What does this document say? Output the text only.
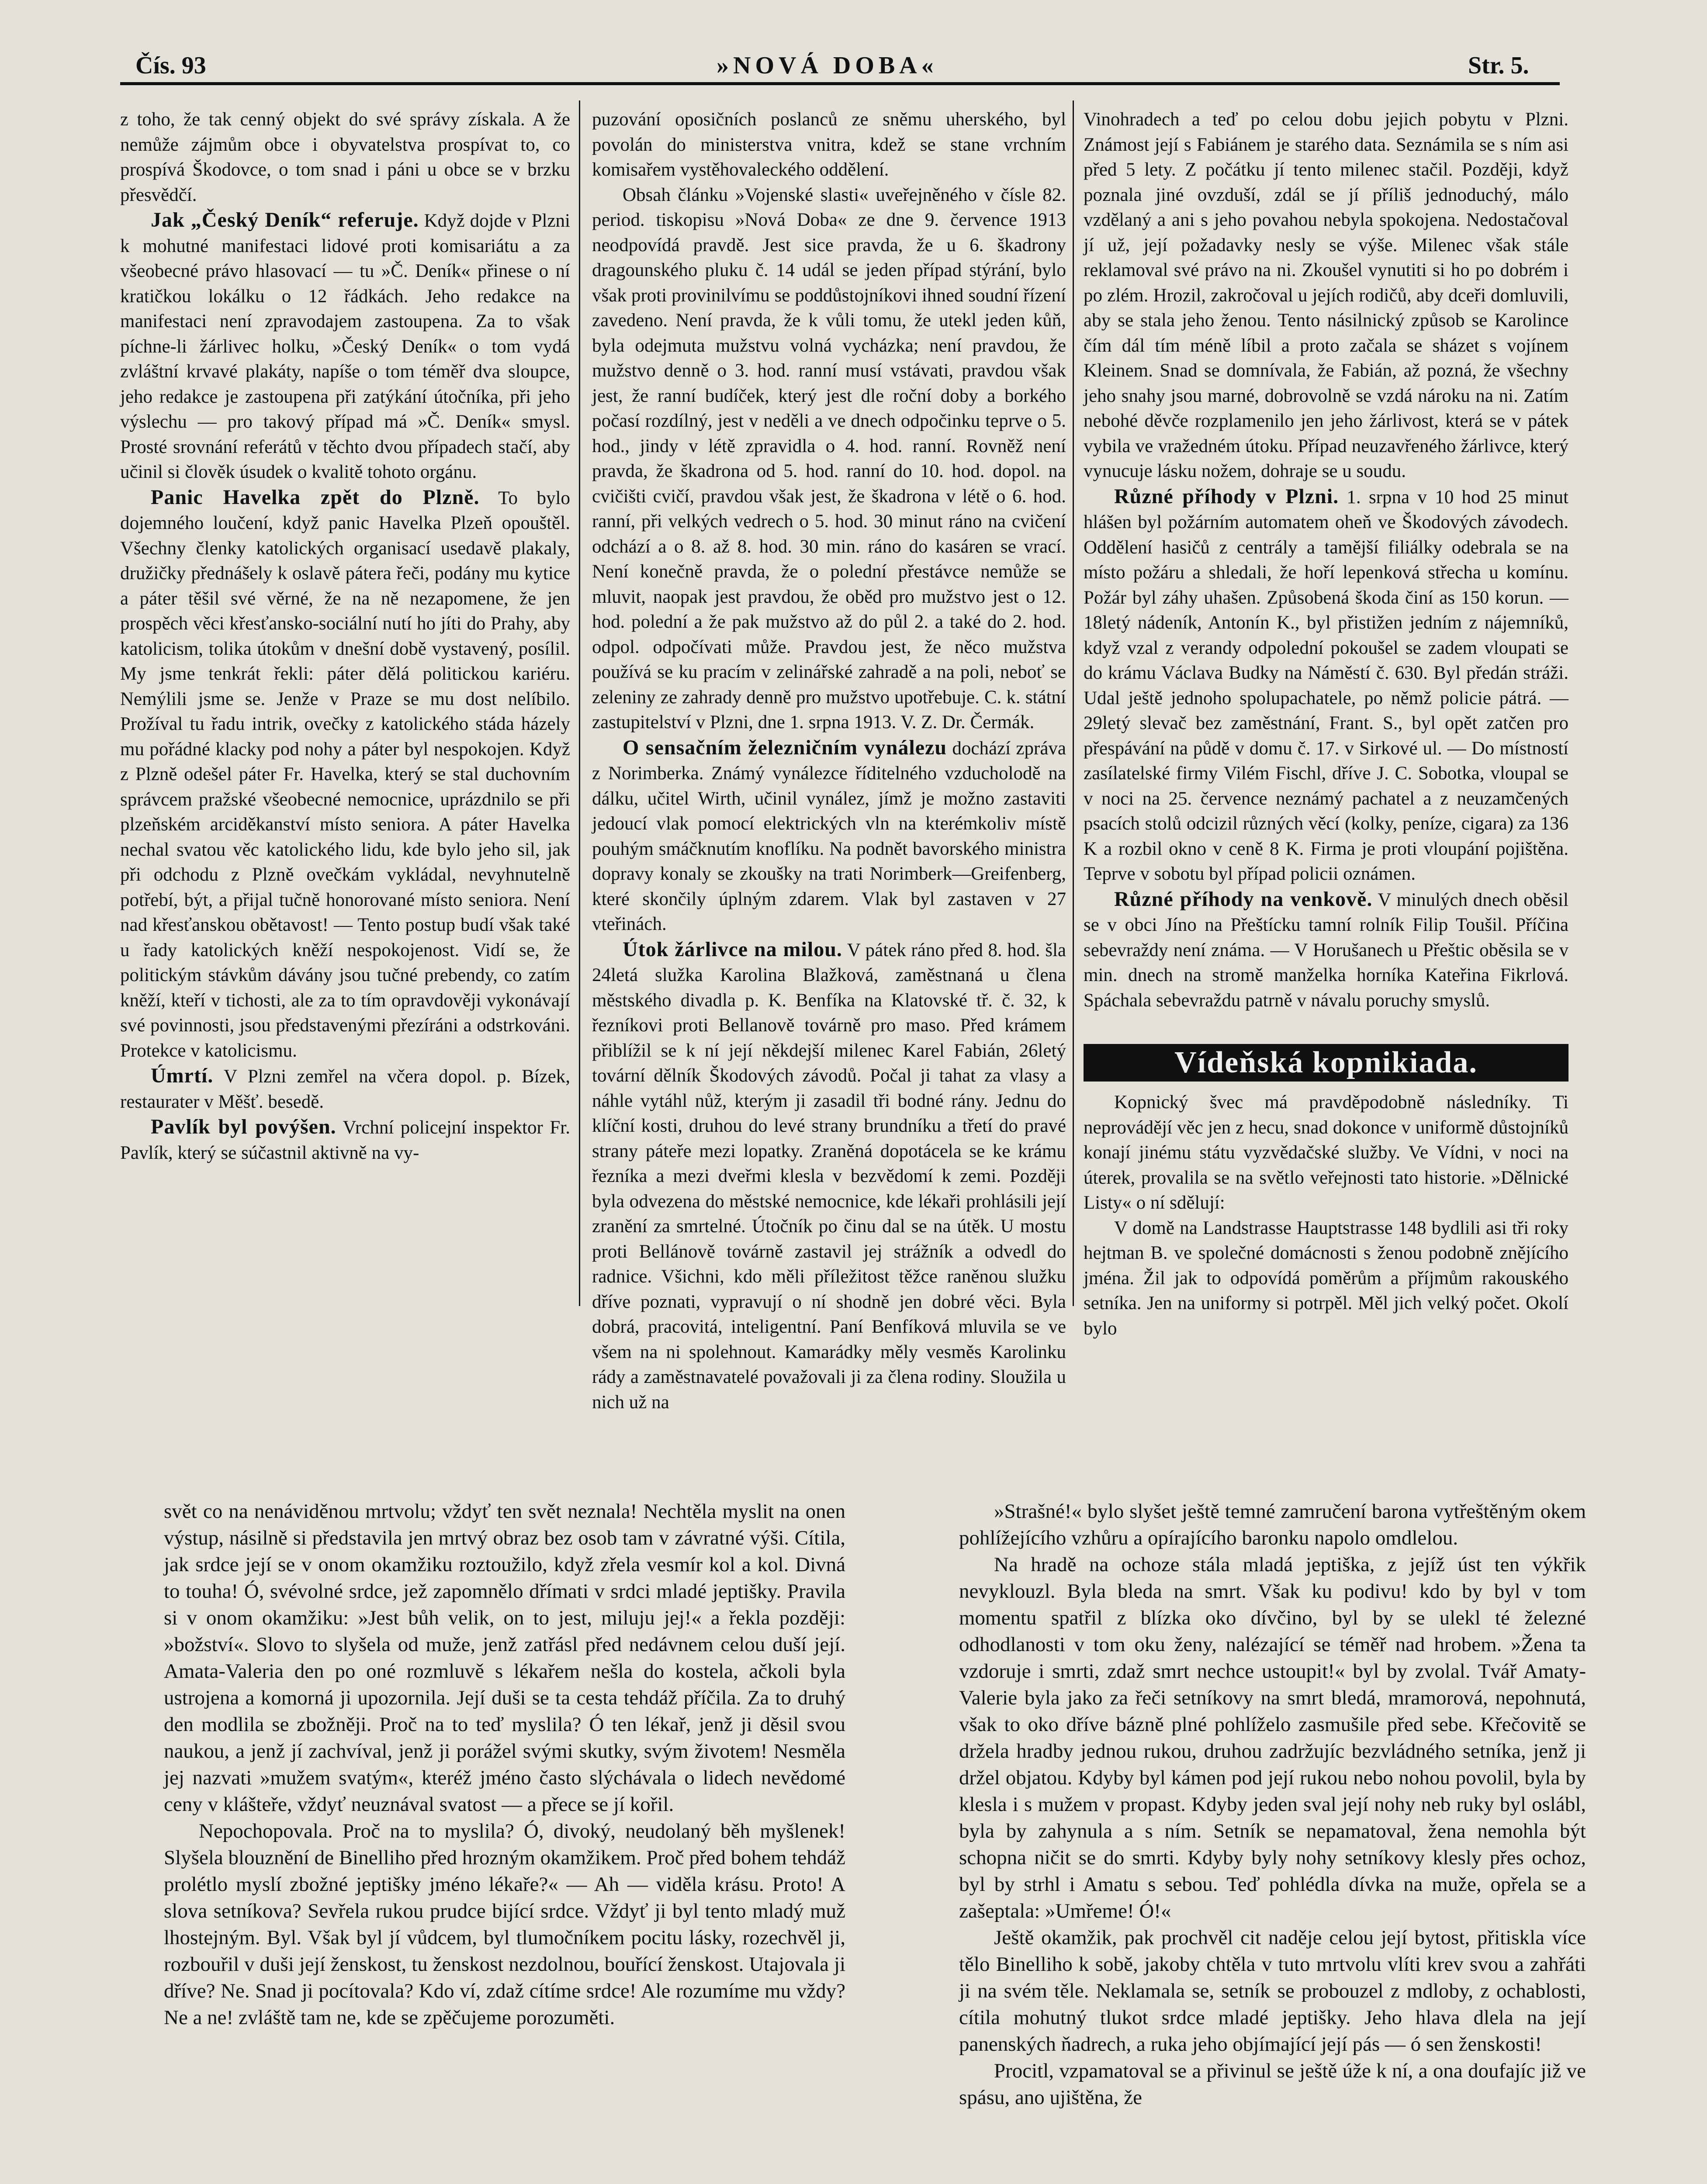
Čís. 93	»NOVÁ DOBA«	Str. 5.

z toho, že tak cenný objekt do své správy získala. A že nemůže zájmům obce i obyvatelstva prospívat to, co prospívá Škodovce, o tom snad i páni u obce se v brzku přesvědčí.

Jak „Český Deník“ referuje. Když dojde v Plzni k mohutné manifestaci lidové proti komisariátu a za všeobecné právo hlasovací — tu »Č. Deník« přinese o ní kratičkou lokálku o 12 řádkách. Jeho redakce na manifestaci není zpravodajem zastoupena. Za to však píchne-li žárlivec holku, »Český Deník« o tom vydá zvláštní krvavé plakáty, napíše o tom téměř dva sloupce, jeho redakce je zastoupena při zatýkání útočníka, při jeho výslechu — pro takový případ má »Č. Deník« smysl. Prosté srovnání referátů v těchto dvou případech stačí, aby učinil si člověk úsudek o kvalitě tohoto orgánu.

Panic Havelka zpět do Plzně. To bylo dojemného loučení, když panic Havelka Plzeň opouštěl. Všechny členky katolických organisací usedavě plakaly, družičky přednášely k oslavě pátera řeči, podány mu kytice a páter těšil své věrné, že na ně nezapomene, že jen prospěch věci křesťansko-sociální nutí ho jíti do Prahy, aby katolicism, tolika útokům v dnešní době vystavený, posílil. My jsme tenkrát řekli: páter dělá politickou kariéru. Nemýlili jsme se. Jenže v Praze se mu dost nelíbilo. Prožíval tu řadu intrik, ovečky z katolického stáda házely mu pořádné klacky pod nohy a páter byl nespokojen. Když z Plzně odešel páter Fr. Havelka, který se stal duchovním správcem pražské všeobecné nemocnice, uprázdnilo se při plzeňském arciděkanství místo seniora. A páter Havelka nechal svatou věc katolického lidu, kde bylo jeho sil, jak při odchodu z Plzně ovečkám vykládal, nevyhnutelně potřebí, být, a přijal tučně honorované místo seniora. Není nad křesťanskou obětavost! — Tento postup budí však také u řady katolických kněží nespokojenost. Vidí se, že politickým stávkům dávány jsou tučné prebendy, co zatím kněží, kteří v tichosti, ale za to tím opravdověji vykonávají své povinnosti, jsou představenými přezíráni a odstrkováni. Protekce v katolicismu.

Úmrtí. V Plzni zemřel na včera dopol. p. Bízek, restaurater v Měšť. besedě.

Pavlík byl povýšen. Vrchní policejní inspektor Fr. Pavlík, který se súčastnil aktivně na vy-

puzování oposičních poslanců ze sněmu uherského, byl povolán do ministerstva vnitra, kdež se stane vrchním komisařem vystěhovaleckého oddělení.

Obsah článku »Vojenské slasti« uveřejněného v čísle 82. period. tiskopisu »Nová Doba« ze dne 9. července 1913 neodpovídá pravdě. Jest sice pravda, že u 6. škadrony dragounského pluku č. 14 udál se jeden případ stýrání, bylo však proti provinilvímu se poddůstojníkovi ihned soudní řízení zavedeno. Není pravda, že k vůli tomu, že utekl jeden kůň, byla odejmuta mužstvu volná vycházka; není pravdou, že mužstvo denně o 3. hod. ranní musí vstávati, pravdou však jest, že ranní budíček, který jest dle roční doby a borkého počasí rozdílný, jest v neděli a ve dnech odpočinku teprve o 5. hod., jindy v létě zpravidla o 4. hod. ranní. Rovněž není pravda, že škadrona od 5. hod. ranní do 10. hod. dopol. na cvičišti cvičí, pravdou však jest, že škadrona v létě o 6. hod. ranní, při velkých vedrech o 5. hod. 30 minut ráno na cvičení odchází a o 8. až 8. hod. 30 min. ráno do kasáren se vrací. Není konečně pravda, že o polední přestávce nemůže se mluvit, naopak jest pravdou, že oběd pro mužstvo jest o 12. hod. polední a že pak mužstvo až do půl 2. a také do 2. hod. odpol. odpočívati může. Pravdou jest, že něco mužstva používá se ku pracím v zelinářské zahradě a na poli, neboť se zeleniny ze zahrady denně pro mužstvo upotřebuje. C. k. státní zastupitelství v Plzni, dne 1. srpna 1913. V. Z. Dr. Čermák.

O sensačním železničním vynálezu dochází zpráva z Norimberka. Známý vynálezce říditelného vzducholodě na dálku, učitel Wirth, učinil vynález, jímž je možno zastaviti jedoucí vlak pomocí elektrických vln na kterémkoliv místě pouhým smáčknutím knoflíku. Na podnět bavorského ministra dopravy konaly se zkoušky na trati Norimberk—Greifenberg, které skončily úplným zdarem. Vlak byl zastaven v 27 vteřinách.

Útok žárlivce na milou. V pátek ráno před 8. hod. šla 24letá služka Karolina Blažková, zaměstnaná u člena městského divadla p. K. Benfíka na Klatovské tř. č. 32, k řezníkovi proti Bellanově továrně pro maso. Před krámem přiblížil se k ní její někdejší milenec Karel Fabián, 26letý tovární dělník Škodových závodů. Počal ji tahat za vlasy a náhle vytáhl nůž, kterým ji zasadil tři bodné rány. Jednu do klíční kosti, druhou do levé strany brundníku a třetí do pravé strany páteře mezi lopatky. Zraněná dopotácela se ke krámu řezníka a mezi dveřmi klesla v bezvědomí k zemi. Později byla odvezena do městské nemocnice, kde lékaři prohlásili její zranění za smrtelné. Útočník po činu dal se na útěk. U mostu proti Bellánově továrně zastavil jej strážník a odvedl do radnice. Všichni, kdo měli příležitost těžce raněnou služku dříve poznati, vypravují o ní shodně jen dobré věci. Byla dobrá, pracovitá, inteligentní. Paní Benfíková mluvila se ve všem na ni spolehnout. Kamarádky měly vesměs Karolinku rády a zaměstnavatelé považovali ji za člena rodiny. Sloužila u nich už na

Vinohradech a teď po celou dobu jejich pobytu v Plzni. Známost její s Fabiánem je starého data. Seznámila se s ním asi před 5 lety. Z počátku jí tento milenec stačil. Později, když poznala jiné ovzduší, zdál se jí příliš jednoduchý, málo vzdělaný a ani s jeho povahou nebyla spokojena. Nedostačoval jí už, její požadavky nesly se výše. Milenec však stále reklamoval své právo na ni. Zkoušel vynutiti si ho po dobrém i po zlém. Hrozil, zakročoval u jejích rodičů, aby dceři domluvili, aby se stala jeho ženou. Tento násilnický způsob se Karolince čím dál tím méně líbil a proto začala se sházet s vojínem Kleinem. Snad se domnívala, že Fabián, až pozná, že všechny jeho snahy jsou marné, dobrovolně se vzdá nároku na ni. Zatím nebohé děvče rozplamenilo jen jeho žárlivost, která se v pátek vybila ve vražedném útoku. Případ neuzavřeného žárlivce, který vynucuje lásku nožem, dohraje se u soudu.

Různé příhody v Plzni. 1. srpna v 10 hod 25 minut hlášen byl požárním automatem oheň ve Škodových závodech. Oddělení hasičů z centrály a tamější filiálky odebrala se na místo požáru a shledali, že hoří lepenková střecha u komínu. Požár byl záhy uhašen. Způsobená škoda činí as 150 korun. — 18letý nádeník, Antonín K., byl přistižen jedním z nájemníků, když vzal z verandy odpolední pokoušel se zadem vloupati se do krámu Václava Budky na Náměstí č. 630. Byl předán stráži. Udal ještě jednoho spolupachatele, po němž policie pátrá. — 29letý slevač bez zaměstnání, Frant. S., byl opět zatčen pro přespávání na půdě v domu č. 17. v Sirkové ul. — Do místností zasílatelské firmy Vilém Fischl, dříve J. C. Sobotka, vloupal se v noci na 25. července neznámý pachatel a z neuzamčených psacích stolů odcizil různých věcí (kolky, peníze, cigara) za 136 K a rozbil okno v ceně 8 K. Firma je proti vloupání pojištěna. Teprve v sobotu byl případ policii oznámen.

Různé příhody na venkově. V minulých dnech oběsil se v obci Jíno na Přeštícku tamní rolník Filip Toušil. Příčina sebevraždy není známa. — V Horušanech u Přeštic oběsila se v min. dnech na stromě manželka horníka Kateřina Fikrlová. Spáchala sebevraždu patrně v návalu poruchy smyslů.

Vídeňská kopnikiada.

Kopnický švec má pravděpodobně následníky. Ti neprovádějí věc jen z hecu, snad dokonce v uniformě důstojníků konají jinému státu vyzvědačské služby. Ve Vídni, v noci na úterek, provalila se na světlo veřejnosti tato historie. »Dělnické Listy« o ní sdělují:

V domě na Landstrasse Hauptstrasse 148 bydlili asi tři roky hejtman B. ve společné domácnosti s ženou podobně znějícího jména. Žil jak to odpovídá poměrům a příjmům rakouského setníka. Jen na uniformy si potrpěl. Měl jich velký počet. Okolí bylo

svět co na nenáviděnou mrtvolu; vždyť ten svět neznala! Nechtěla myslit na onen výstup, násilně si představila jen mrtvý obraz bez osob tam v závratné výši. Cítila, jak srdce její se v onom okamžiku roztoužilo, když zřela vesmír kol a kol. Divná to touha! Ó, svévolné srdce, jež zapomnělo dřímati v srdci mladé jeptišky. Pravila si v onom okamžiku: »Jest bůh velik, on to jest, miluju jej!« a řekla později: »božství«. Slovo to slyšela od muže, jenž zatřásl před nedávnem celou duší její. Amata-Valeria den po oné rozmluvě s lékařem nešla do kostela, ačkoli byla ustrojena a komorná ji upozornila. Její duši se ta cesta tehdáž příčila. Za to druhý den modlila se zbožněji. Proč na to teď myslila? Ó ten lékař, jenž ji děsil svou naukou, a jenž jí zachvíval, jenž ji porážel svými skutky, svým životem! Nesměla jej nazvati »mužem svatým«, kteréž jméno často slýchávala o lidech nevědomé ceny v klášteře, vždyť neuznával svatost — a přece se jí kořil.

Nepochopovala. Proč na to myslila? Ó, divoký, neudolaný běh myšlenek! Slyšela blouznění de Binelliho před hrozným okamžikem. Proč před bohem tehdáž prolétlo myslí zbožné jeptišky jméno lékaře?« — Ah — viděla krásu. Proto! A slova setníkova? Sevřela rukou prudce bijící srdce. Vždyť ji byl tento mladý muž lhostejným. Byl. Však byl jí vůdcem, byl tlumočníkem pocitu lásky, rozechvěl ji, rozbouřil v duši její ženskost, tu ženskost nezdolnou, bouřící ženskost. Utajovala ji dříve? Ne. Snad ji pocítovala? Kdo ví, zdaž cítíme srdce! Ale rozumíme mu vždy? Ne a ne! zvláště tam ne, kde se zpěčujeme porozuměti.

»Strašné!« bylo slyšet ještě temné zamručení barona vytřeštěným okem pohlížejícího vzhůru a opírajícího baronku napolo omdlelou.

Na hradě na ochoze stála mladá jeptiška, z jejíž úst ten výkřik nevyklouzl. Byla bleda na smrt. Však ku podivu! kdo by byl v tom momentu spatřil z blízka oko dívčino, byl by se ulekl té železné odhodlanosti v tom oku ženy, nalézající se téměř nad hrobem. »Žena ta vzdoruje i smrti, zdaž smrt nechce ustoupit!« byl by zvolal. Tvář Amaty-Valerie byla jako za řeči setníkovy na smrt bledá, mramorová, nepohnutá, však to oko dříve bázně plné pohlíželo zasmušile před sebe. Křečovitě se držela hradby jednou rukou, druhou zadržujíc bezvládného setníka, jenž ji držel objatou. Kdyby byl kámen pod její rukou nebo nohou povolil, byla by klesla i s mužem v propast. Kdyby jeden sval její nohy neb ruky byl oslábl, byla by zahynula a s ním. Setník se nepamatoval, žena nemohla být schopna ničit se do smrti. Kdyby byly nohy setníkovy klesly přes ochoz, byl by strhl i Amatu s sebou. Teď pohlédla dívka na muže, opřela se a zašeptala: »Umřeme! Ó!«

Ještě okamžik, pak prochvěl cit naděje celou její bytost, přitiskla více tělo Binelliho k sobě, jakoby chtěla v tuto mrtvolu vlíti krev svou a zahřáti ji na svém těle. Neklamala se, setník se probouzel z mdloby, z ochablosti, cítila mohutný tlukot srdce mladé jeptišky. Jeho hlava dlela na její panenských ňadrech, a ruka jeho objímající její pás — ó sen ženskosti!

Procitl, vzpamatoval se a přivinul se ještě úže k ní, a ona doufajíc již ve spásu, ano ujištěna, že
